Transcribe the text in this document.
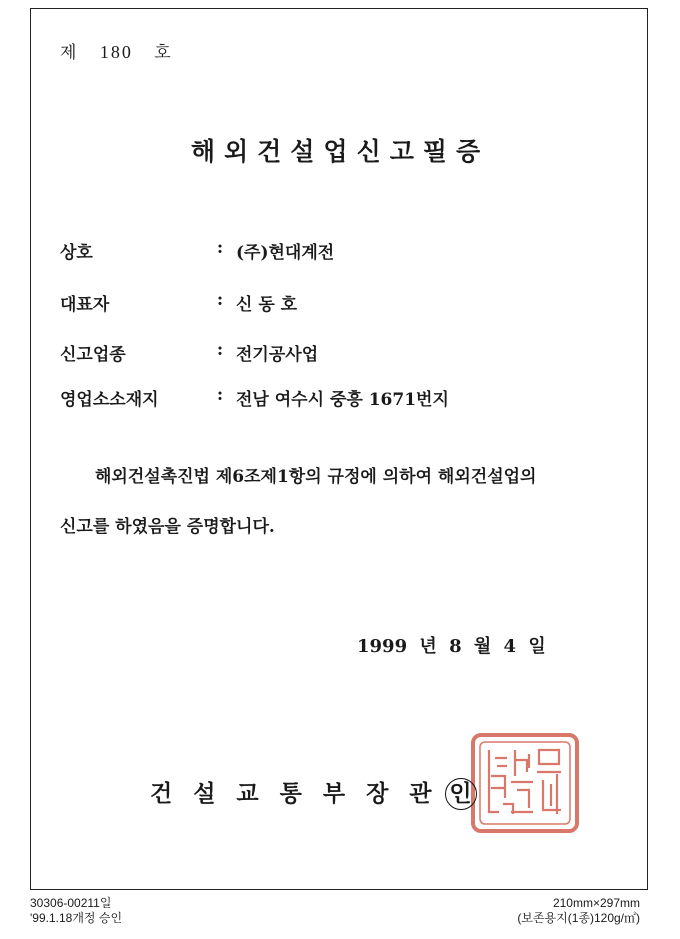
제 180 호
해외건설업신고필증
상호	: (주)현대계전
대표자	: 신 동 호
신고업종	: 전기공사업
영업소소재지	: 전남 여수시 중흥 1671번지
해외건설촉진법 제6조제1항의 규정에 의하여 해외건설업의
신고를 하였음을 증명합니다.
1999 년 8 월 4 일
건설교통부장관인
30306-00211일
'99.1.18개정 승인
210mm×297mm
(보존용지(1종)120g/㎡)
